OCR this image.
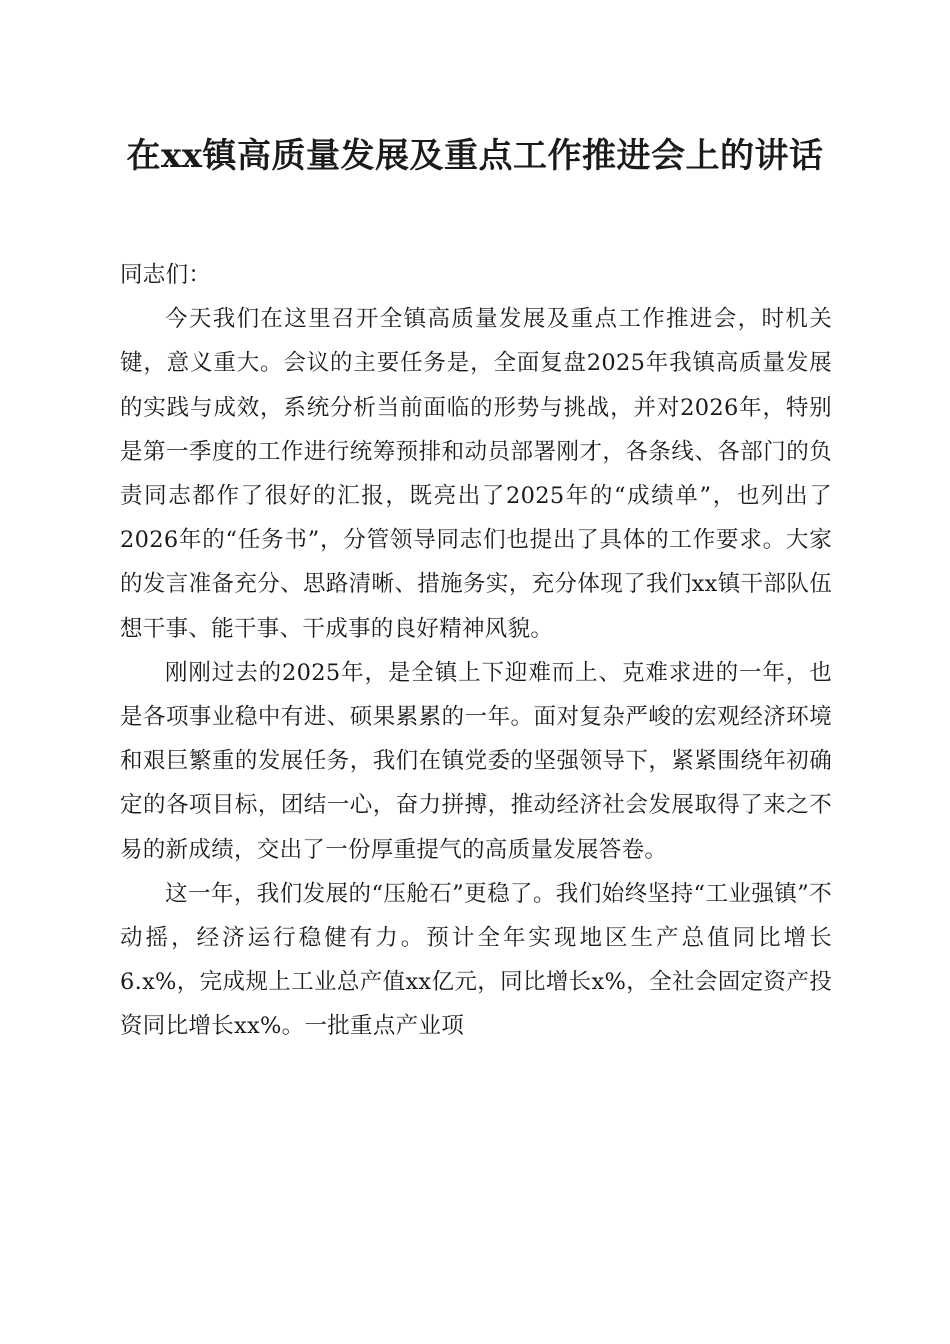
在xx镇高质量发展及重点工作推进会上的讲话

同志们：

今天我们在这里召开全镇高质量发展及重点工作推进会，时机关键，意义重大。会议的主要任务是，全面复盘2025年我镇高质量发展的实践与成效，系统分析当前面临的形势与挑战，并对2026年，特别是第一季度的工作进行统筹预排和动员部署刚才，各条线、各部门的负责同志都作了很好的汇报，既亮出了2025年的“成绩单”，也列出了2026年的“任务书”，分管领导同志们也提出了具体的工作要求。大家的发言准备充分、思路清晰、措施务实，充分体现了我们xx镇干部队伍想干事、能干事、干成事的良好精神风貌。

刚刚过去的2025年，是全镇上下迎难而上、克难求进的一年，也是各项事业稳中有进、硕果累累的一年。面对复杂严峻的宏观经济环境和艰巨繁重的发展任务，我们在镇党委的坚强领导下，紧紧围绕年初确定的各项目标，团结一心，奋力拼搏，推动经济社会发展取得了来之不易的新成绩，交出了一份厚重提气的高质量发展答卷。

这一年，我们发展的“压舱石”更稳了。我们始终坚持“工业强镇”不动摇，经济运行稳健有力。预计全年实现地区生产总值同比增长6.x%，完成规上工业总产值xx亿元，同比增长x%，全社会固定资产投资同比增长xx%。一批重点产业项
